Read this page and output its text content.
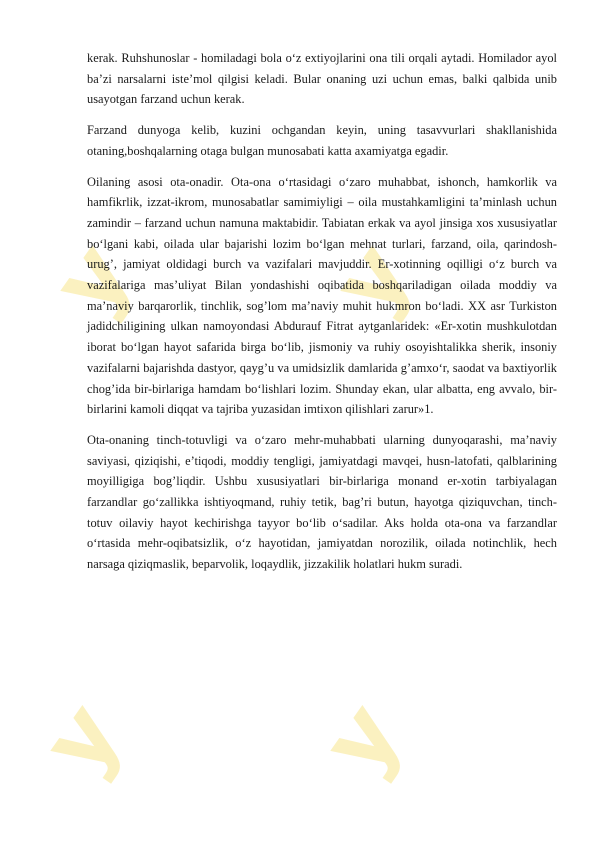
y
y
y
y

kerak. Ruhshunoslar - homiladagi bola o‘z extiyojlarini ona tili orqali aytadi. Homilador ayol ba’zi narsalarni iste’mol qilgisi keladi. Bular onaning uzi uchun emas, balki qalbida unib usayotgan farzand uchun kerak.

Farzand dunyoga kelib, kuzini ochgandan keyin, uning tasavvurlari shakllanishida otaning,boshqalarning otaga bulgan munosabati katta axamiyatga egadir.

Oilaning asosi ota-onadir. Ota-ona o‘rtasidagi o‘zaro muhabbat, ishonch, hamkorlik va hamfikrlik, izzat-ikrom, munosabatlar samimiyligi – oila mustahkamligini ta’minlash uchun zamindir – farzand uchun namuna maktabidir. Tabiatan erkak va ayol jinsiga xos xususiyatlar bo‘lgani kabi, oilada ular bajarishi lozim bo‘lgan mehnat turlari, farzand, oila, qarindosh-urug’, jamiyat oldidagi burch va vazifalari mavjuddir. Er-xotinning oqilligi o‘z burch va vazifalariga mas’uliyat Bilan yondashishi oqibatida boshqariladigan oilada moddiy va ma’naviy barqarorlik, tinchlik, sog’lom ma’naviy muhit hukmron bo‘ladi. XX asr Turkiston jadidchiligining ulkan namoyondasi Abdurauf Fitrat aytganlaridek: «Er-xotin mushkulotdan iborat bo‘lgan hayot safarida birga bo‘lib, jismoniy va ruhiy osoyishtalikka sherik, insoniy vazifalarni bajarishda dastyor, qayg’u va umidsizlik damlarida g’amxo‘r, saodat va baxtiyorlik chog’ida bir-birlariga hamdam bo‘lishlari lozim. Shunday ekan, ular albatta, eng avvalo, bir-birlarini kamoli diqqat va tajriba yuzasidan imtixon qilishlari zarur»1.

Ota-onaning tinch-totuvligi va o‘zaro mehr-muhabbati ularning dunyoqarashi, ma’naviy saviyasi, qiziqishi, e’tiqodi, moddiy tengligi, jamiyatdagi mavqei, husn-latofati, qalblarining moyilligiga bog’liqdir. Ushbu xususiyatlari bir-birlariga monand er-xotin tarbiyalagan farzandlar go‘zallikka ishtiyoqmand, ruhiy tetik, bag’ri butun, hayotga qiziquvchan, tinch-totuv oilaviy hayot kechirishga tayyor bo‘lib o‘sadilar. Aks holda ota-ona va farzandlar o‘rtasida mehr-oqibatsizlik, o‘z hayotidan, jamiyatdan norozilik, oilada notinchlik, hech narsaga qiziqmaslik, beparvolik, loqaydlik, jizzakilik holatlari hukm suradi.
